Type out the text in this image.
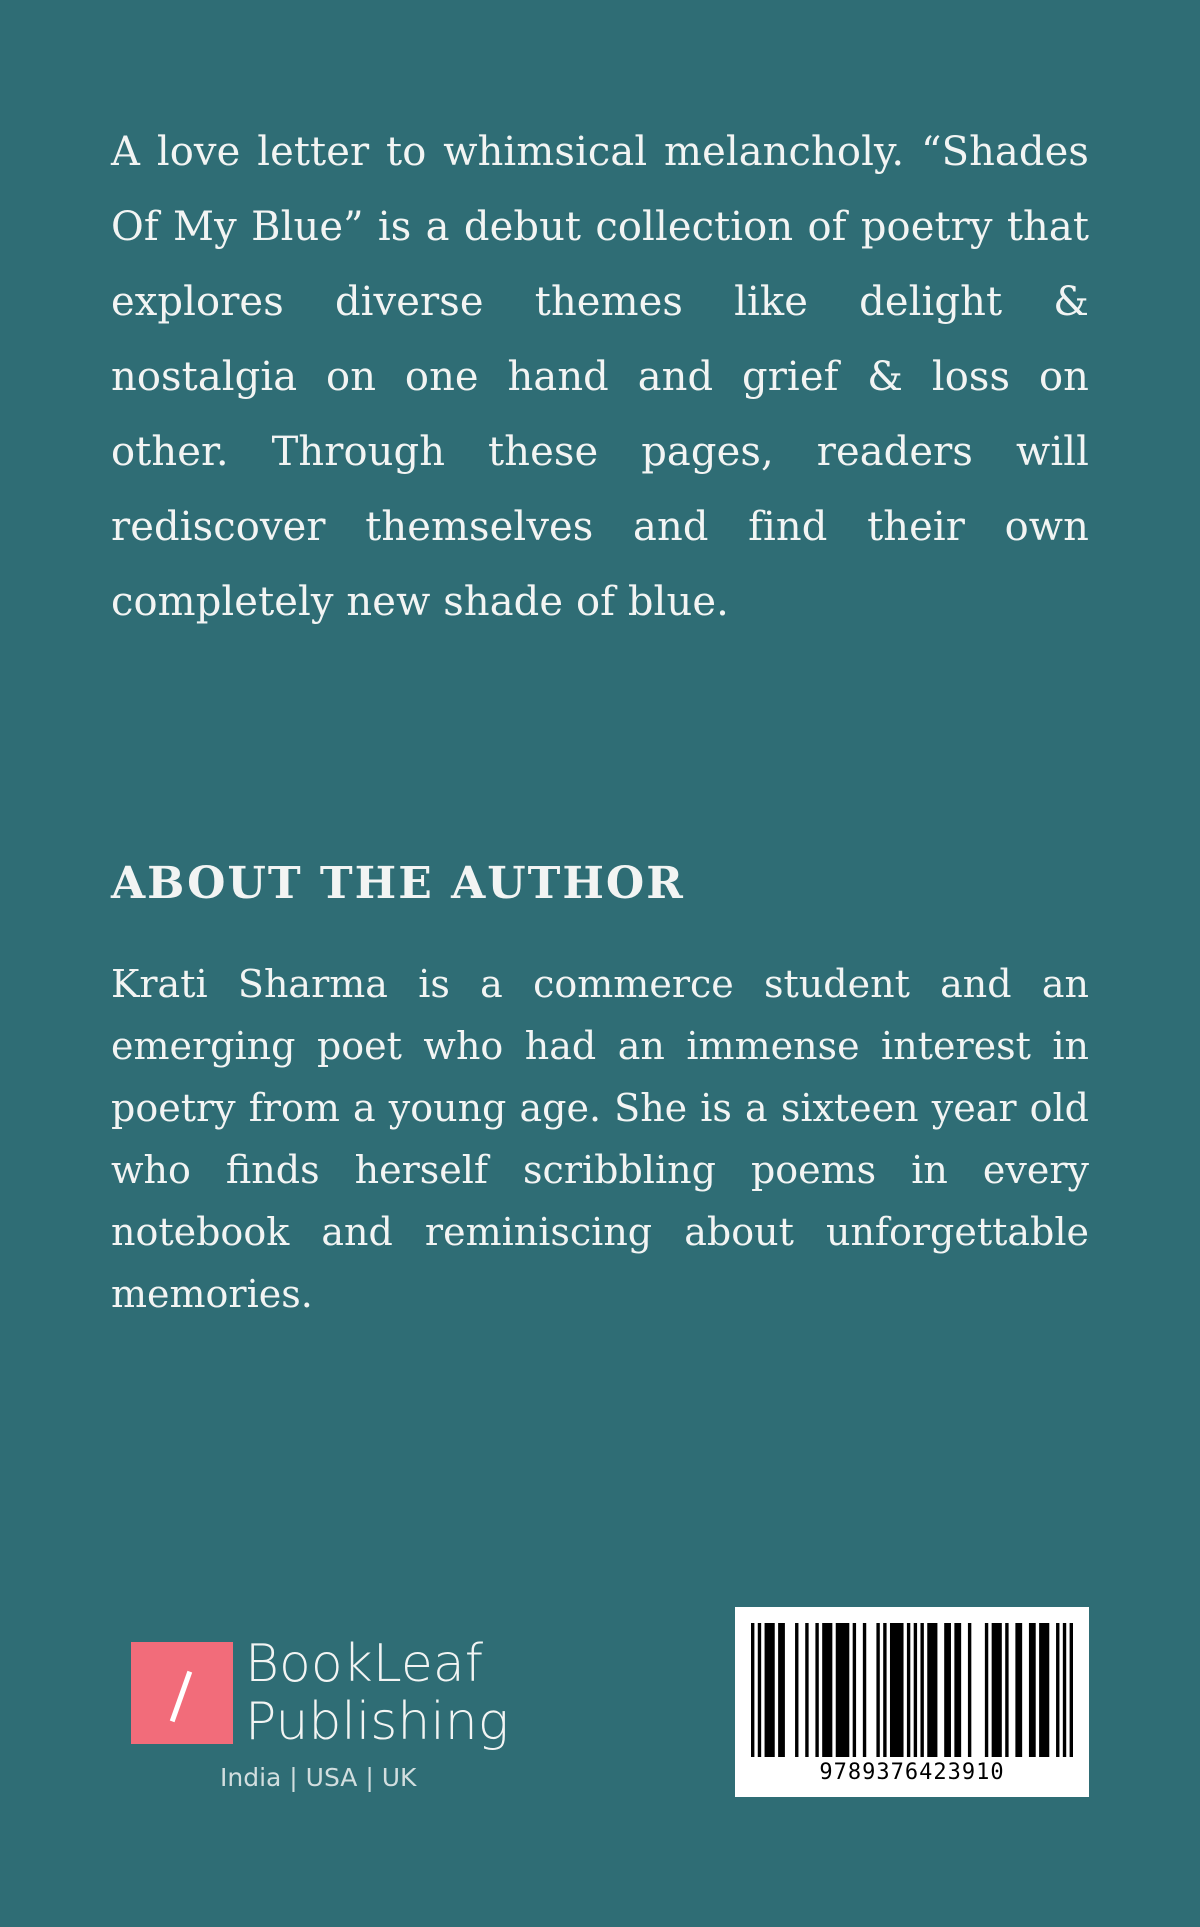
A love letter to whimsical melancholy. “Shades Of My Blue” is a debut collection of poetry that explores diverse themes like delight & nostalgia on one hand and grief & loss on other. Through these pages, readers will rediscover themselves and find their own completely new shade of blue.

ABOUT THE AUTHOR

Krati Sharma is a commerce student and an emerging poet who had an immense interest in poetry from a young age. She is a sixteen year old who finds herself scribbling poems in every notebook and reminiscing about unforgettable memories.

BookLeaf
Publishing
India | USA | UK	9789376423910
